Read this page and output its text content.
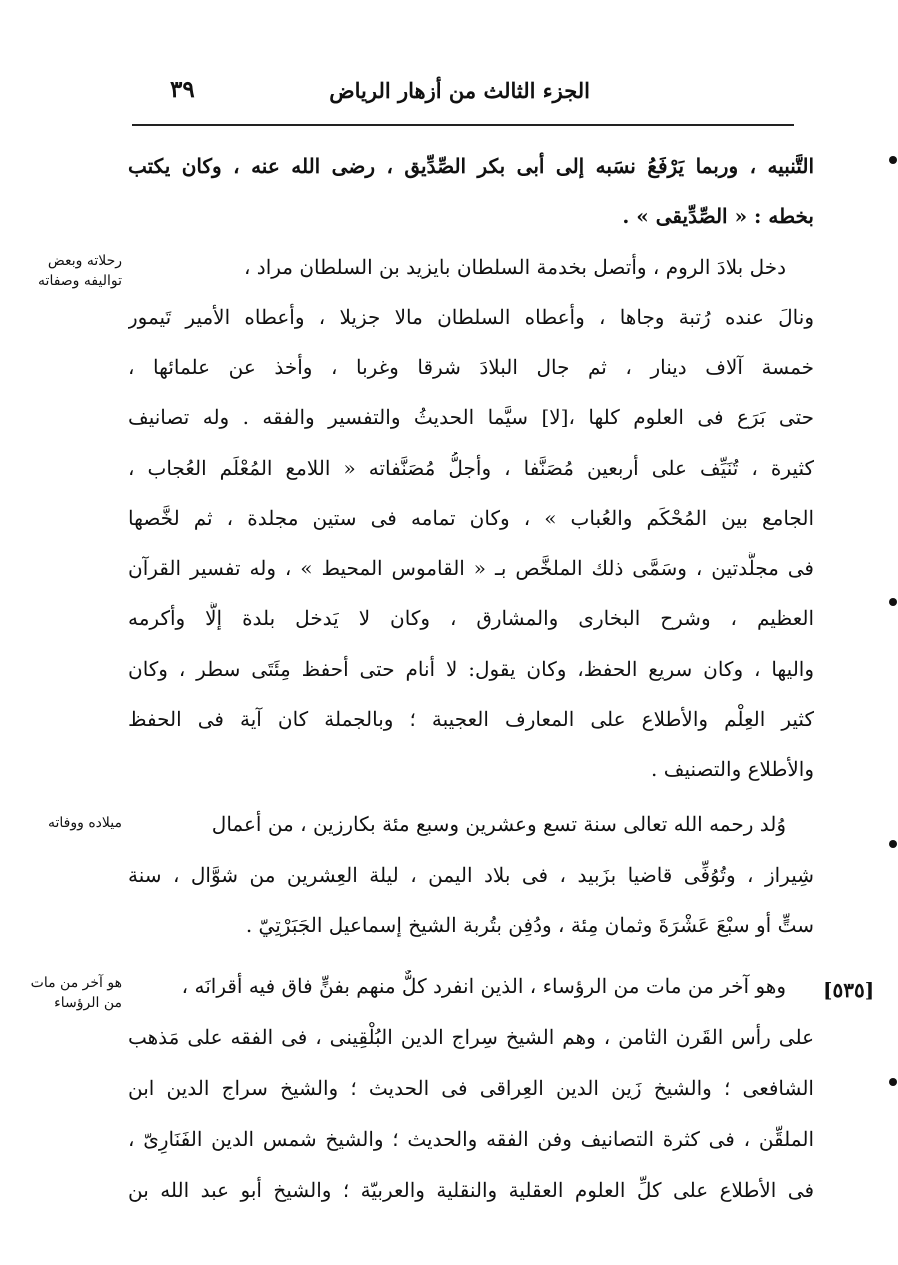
الجزء الثالث من أزهار الرياض
٣٩
التَّنبيه ، وربما يَرْفَعُ نسَبه إلى أبى بكر الصِّدِّيق ، رضى الله عنه ، وكان يكتب
بخطه : « الصِّدِّيقى » .
دخل بلادَ الروم ، وأتصل بخدمة السلطان بايزيد بن السلطان مراد ،
ونالَ عنده رُتبة وجاها ، وأعطاه السلطان مالا جزيلا ، وأعطاه الأمير تَيمور
خمسة آلاف دينار ، ثم جال البلادَ شرقا وغربا ، وأخذ عن علمائها ،
حتى بَرَع فى العلوم كلها ،[لا] سيَّما الحديثُ والتفسير والفقه . وله تصانيف
كثيرة ، تُنَيِّف على أربعين مُصَنَّفا ، وأجلُّ مُصَنَّفاته « اللامع المُعْلَم العُجاب ،
الجامع بين المُحْكَم والعُباب » ، وكان تمامه فى ستين مجلدة ، ثم لخَّصها
فى مجلَّدتين ، وسَمَّى ذلك الملخَّص بـ « القاموس المحيط » ، وله تفسير القرآن
العظيم ، وشرح البخارى والمشارق ، وكان لا يَدخل بلدة إلَّا وأكرمه
واليها ، وكان سريع الحفظ، وكان يقول: لا أنام حتى أحفظ مِئَتَى سطر ، وكان
كثير العِلْم والأطلاع على المعارف العجيبة ؛ وبالجملة كان آية فى الحفظ
والأطلاع والتصنيف .
وُلد رحمه الله تعالى سنة تسع وعشرين وسبع مئة بكارزين ، من أعمال
شِيراز ، وتُوُفِّى قاضيا بزَبيد ، فى بلاد اليمن ، ليلة العِشرين من شوَّال ، سنة
ستٍّ أو سبْعَ عَشْرَةَ وثمان مِئة ، ودُفِن بتُربة الشيخ إسماعيل الجَبَرْتِيّ .
وهو آخر من مات من الرؤساء ، الذين انفرد كلٌّ منهم بفنٍّ فاق فيه أقرانَه ،
على رأس القَرن الثامن ، وهم الشيخ سِراج الدين البُلْقِينى ، فى الفقه على مَذهب
الشافعى ؛ والشيخ زَين الدين العِراقى فى الحديث ؛ والشيخ سراج الدين ابن
الملقِّن ، فى كثرة التصانيف وفن الفقه والحديث ؛ والشيخ شمس الدين الفَنَارِىّ ،
فى الأطلاع على كلِّ العلوم العقلية والنقلية والعربيّة ؛ والشيخ أبو عبد الله بن
رحلاته وبعض
تواليفه وصفاته
ميلاده ووفاته
هو آخر من مات
من الرؤساء
[٥٣٥]
